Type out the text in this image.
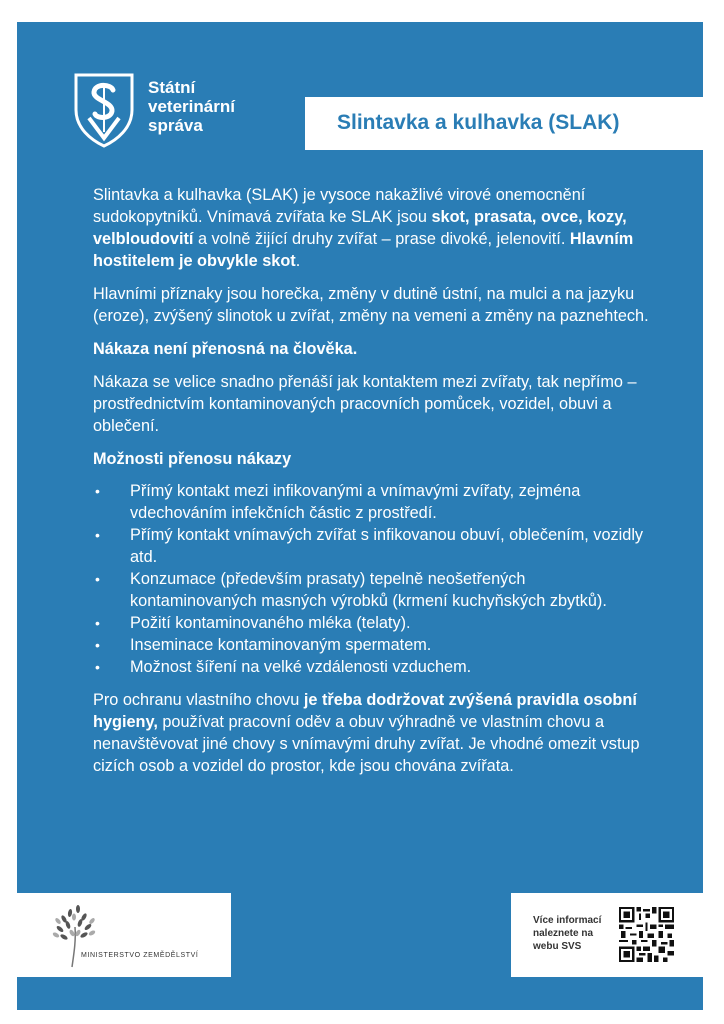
Státní
veterinární
správa	Slintavka a kulhavka (SLAK)

Slintavka a kulhavka (SLAK) je vysoce nakažlivé virové onemocnění sudokopytníků. Vnímavá zvířata ke SLAK jsou skot, prasata, ovce, kozy, velbloudovití a volně žijící druhy zvířat – prase divoké, jelenovití. Hlavním hostitelem je obvykle skot.

Hlavními příznaky jsou horečka, změny v dutině ústní, na mulci a na jazyku (eroze), zvýšený slinotok u zvířat, změny na vemeni a změny na paznehtech.

Nákaza není přenosná na člověka.

Nákaza se velice snadno přenáší jak kontaktem mezi zvířaty, tak nepřímo – prostřednictvím kontaminovaných pracovních pomůcek, vozidel, obuvi a oblečení.

Možnosti přenosu nákazy

• Přímý kontakt mezi infikovanými a vnímavými zvířaty, zejména vdechováním infekčních částic z prostředí.
• Přímý kontakt vnímavých zvířat s infikovanou obuví, oblečením, vozidly atd.
• Konzumace (především prasaty) tepelně neošetřených kontaminovaných masných výrobků (krmení kuchyňských zbytků).
• Požití kontaminovaného mléka (telaty).
• Inseminace kontaminovaným spermatem.
• Možnost šíření na velké vzdálenosti vzduchem.

Pro ochranu vlastního chovu je třeba dodržovat zvýšená pravidla osobní hygieny, používat pracovní oděv a obuv výhradně ve vlastním chovu a nenavštěvovat jiné chovy s vnímavými druhy zvířat. Je vhodné omezit vstup cizích osob a vozidel do prostor, kde jsou chována zvířata.

MINISTERSTVO ZEMĚDĚLSTVÍ
Více informací
naleznete na
webu SVS
